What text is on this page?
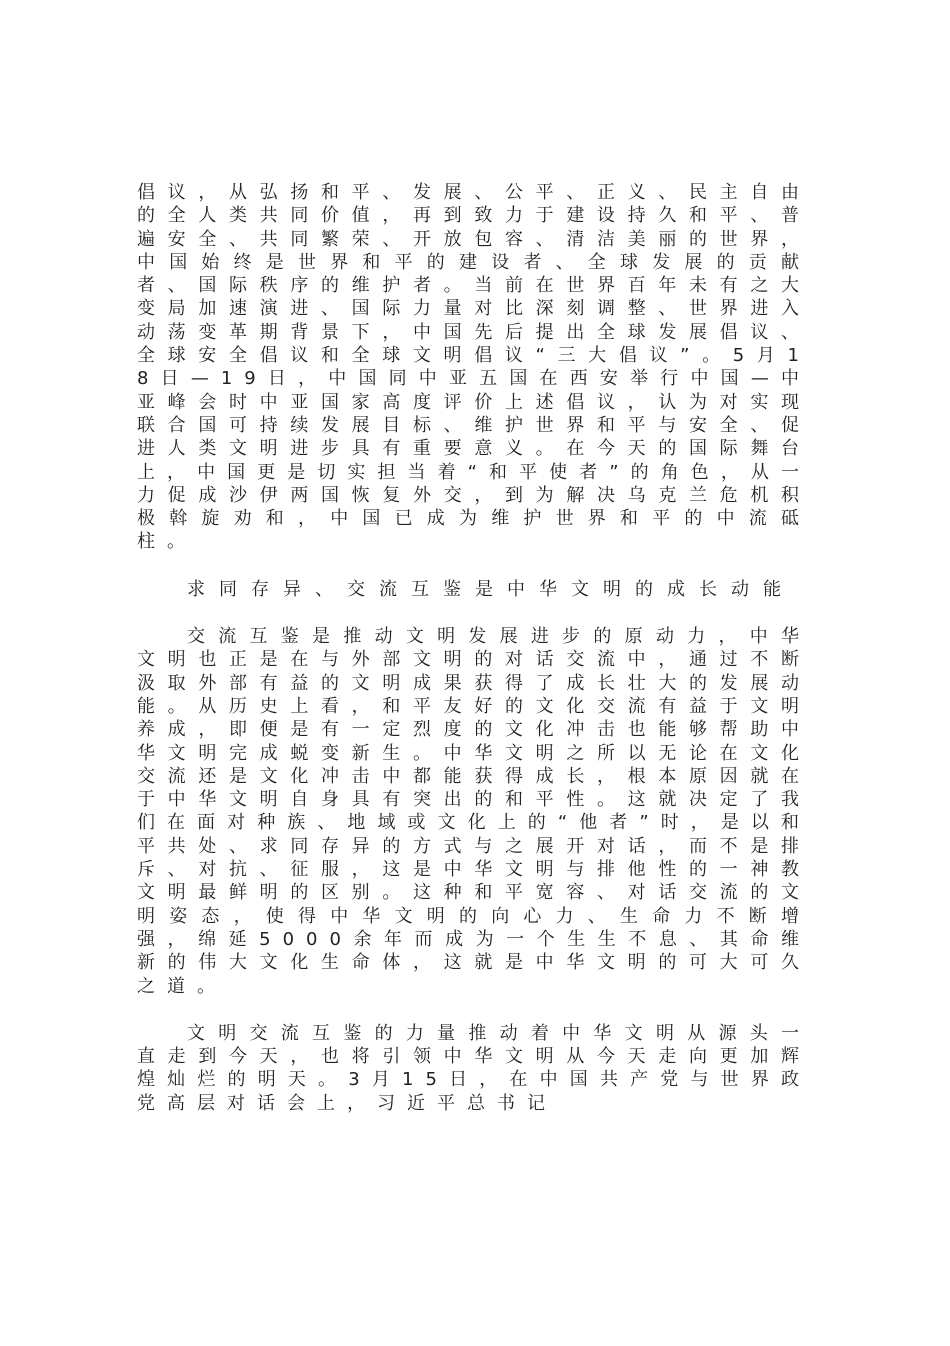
倡议，从弘扬和平、发展、公平、正义、民主自由的全人类共同价值，再到致力于建设持久和平、普遍安全、共同繁荣、开放包容、清洁美丽的世界，中国始终是世界和平的建设者、全球发展的贡献者、国际秩序的维护者。当前在世界百年未有之大变局加速演进、国际力量对比深刻调整、世界进入动荡变革期背景下，中国先后提出全球发展倡议、全球安全倡议和全球文明倡议“三大倡议”。5月18日—19日，中国同中亚五国在西安举行中国—中亚峰会时中亚国家高度评价上述倡议，认为对实现联合国可持续发展目标、维护世界和平与安全、促进人类文明进步具有重要意义。在今天的国际舞台上，中国更是切实担当着“和平使者”的角色，从一力促成沙伊两国恢复外交，到为解决乌克兰危机积极斡旋劝和，中国已成为维护世界和平的中流砥柱。

求同存异、交流互鉴是中华文明的成长动能

交流互鉴是推动文明发展进步的原动力，中华文明也正是在与外部文明的对话交流中，通过不断汲取外部有益的文明成果获得了成长壮大的发展动能。从历史上看，和平友好的文化交流有益于文明养成，即便是有一定烈度的文化冲击也能够帮助中华文明完成蜕变新生。中华文明之所以无论在文化交流还是文化冲击中都能获得成长，根本原因就在于中华文明自身具有突出的和平性。这就决定了我们在面对种族、地域或文化上的“他者”时，是以和平共处、求同存异的方式与之展开对话，而不是排斥、对抗、征服，这是中华文明与排他性的一神教文明最鲜明的区别。这种和平宽容、对话交流的文明姿态，使得中华文明的向心力、生命力不断增强，绵延5000余年而成为一个生生不息、其命维新的伟大文化生命体，这就是中华文明的可大可久之道。

文明交流互鉴的力量推动着中华文明从源头一直走到今天，也将引领中华文明从今天走向更加辉煌灿烂的明天。3月15日，在中国共产党与世界政党高层对话会上，习近平总书记
